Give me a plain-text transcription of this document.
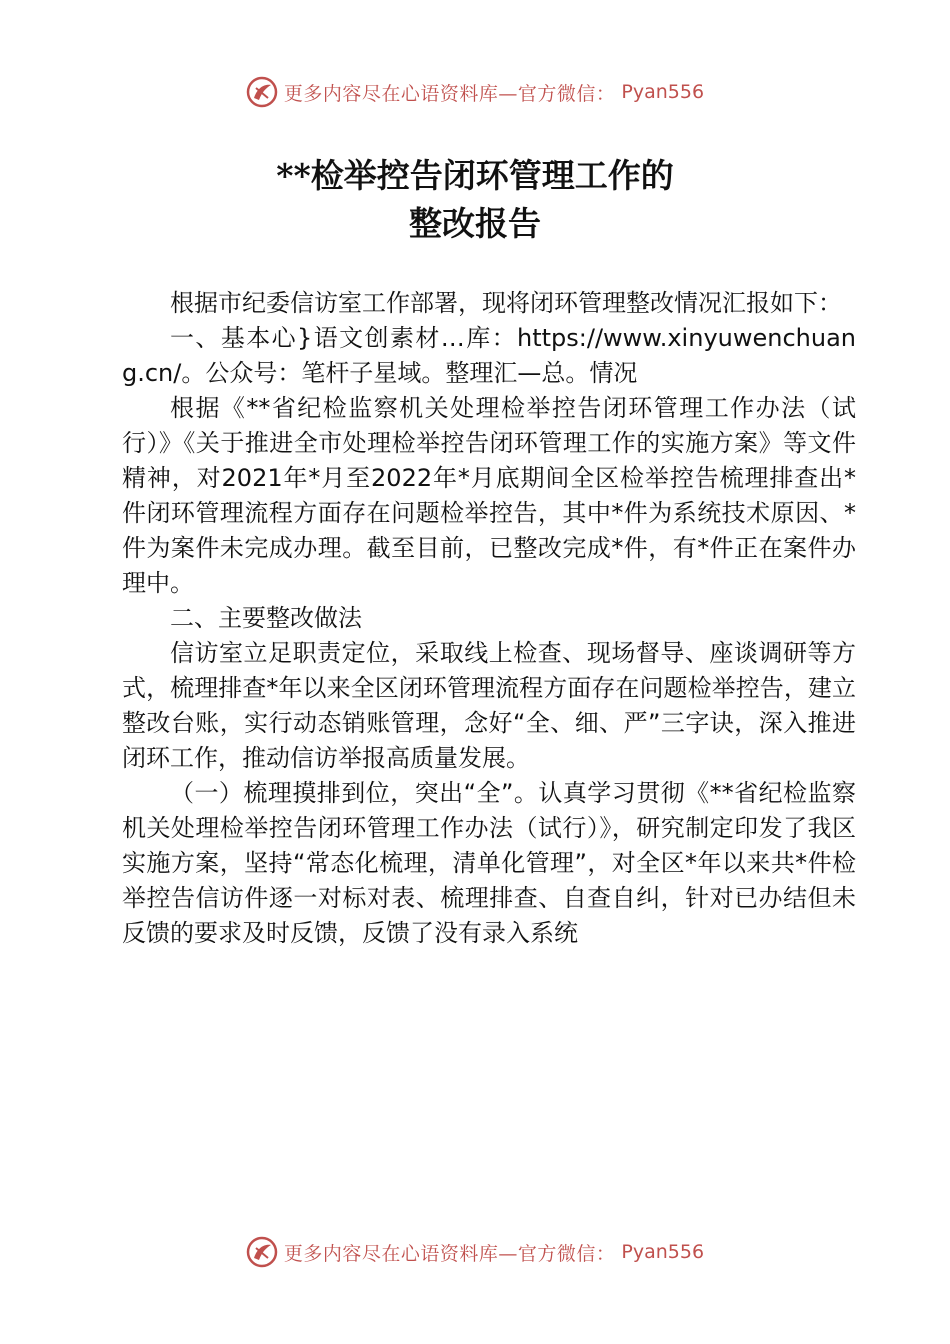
更多内容尽在心语资料库—官方微信： Pyan556
**检举控告闭环管理工作的
整改报告

根据市纪委信访室工作部署，现将闭环管理整改情况汇报如下：

一、基本心}语文创素材…库：https://www.xinyuwenchuang.cn/。公众号：笔杆子星域。整理汇—总。情况

根据《**省纪检监察机关处理检举控告闭环管理工作办法（试行）》《关于推进全市处理检举控告闭环管理工作的实施方案》等文件精神，对2021年*月至2022年*月底期间全区检举控告梳理排查出*件闭环管理流程方面存在问题检举控告，其中*件为系统技术原因、*件为案件未完成办理。截至目前，已整改完成*件，有*件正在案件办理中。

二、主要整改做法

信访室立足职责定位，采取线上检查、现场督导、座谈调研等方式，梳理排查*年以来全区闭环管理流程方面存在问题检举控告，建立整改台账，实行动态销账管理，念好“全、细、严”三字诀，深入推进闭环工作，推动信访举报高质量发展。

（一）梳理摸排到位，突出“全”。认真学习贯彻《**省纪检监察机关处理检举控告闭环管理工作办法（试行）》，研究制定印发了我区实施方案，坚持“常态化梳理，清单化管理”，对全区*年以来共*件检举控告信访件逐一对标对表、梳理排查、自查自纠，针对已办结但未反馈的要求及时反馈，反馈了没有录入系统

更多内容尽在心语资料库—官方微信： Pyan556
